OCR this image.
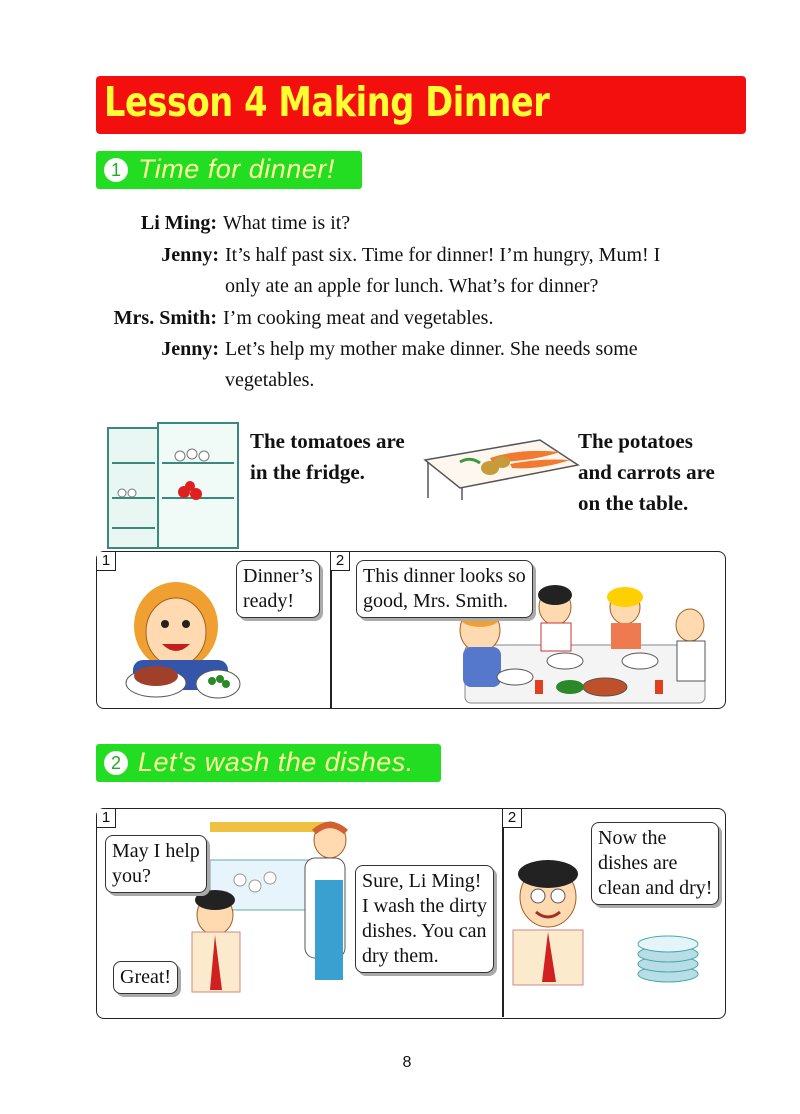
Lesson 4 Making Dinner
1 Time for dinner!
Li Ming: What time is it?
Jenny: It’s half past six. Time for dinner! I’m hungry, Mum! I
only ate an apple for lunch. What’s for dinner?
Mrs. Smith: I’m cooking meat and vegetables.
Jenny: Let’s help my mother make dinner. She needs some
vegetables.
The tomatoes are
in the fridge.
The potatoes
and carrots are
on the table.
1	2
Dinner’s
ready!
This dinner looks so
good, Mrs. Smith.
2 Let's wash the dishes.
1	2
May I help
you?	Sure, Li Ming!
I wash the dirty
dishes. You can
dry them.
Great!
Now the
dishes are
clean and dry!
8
